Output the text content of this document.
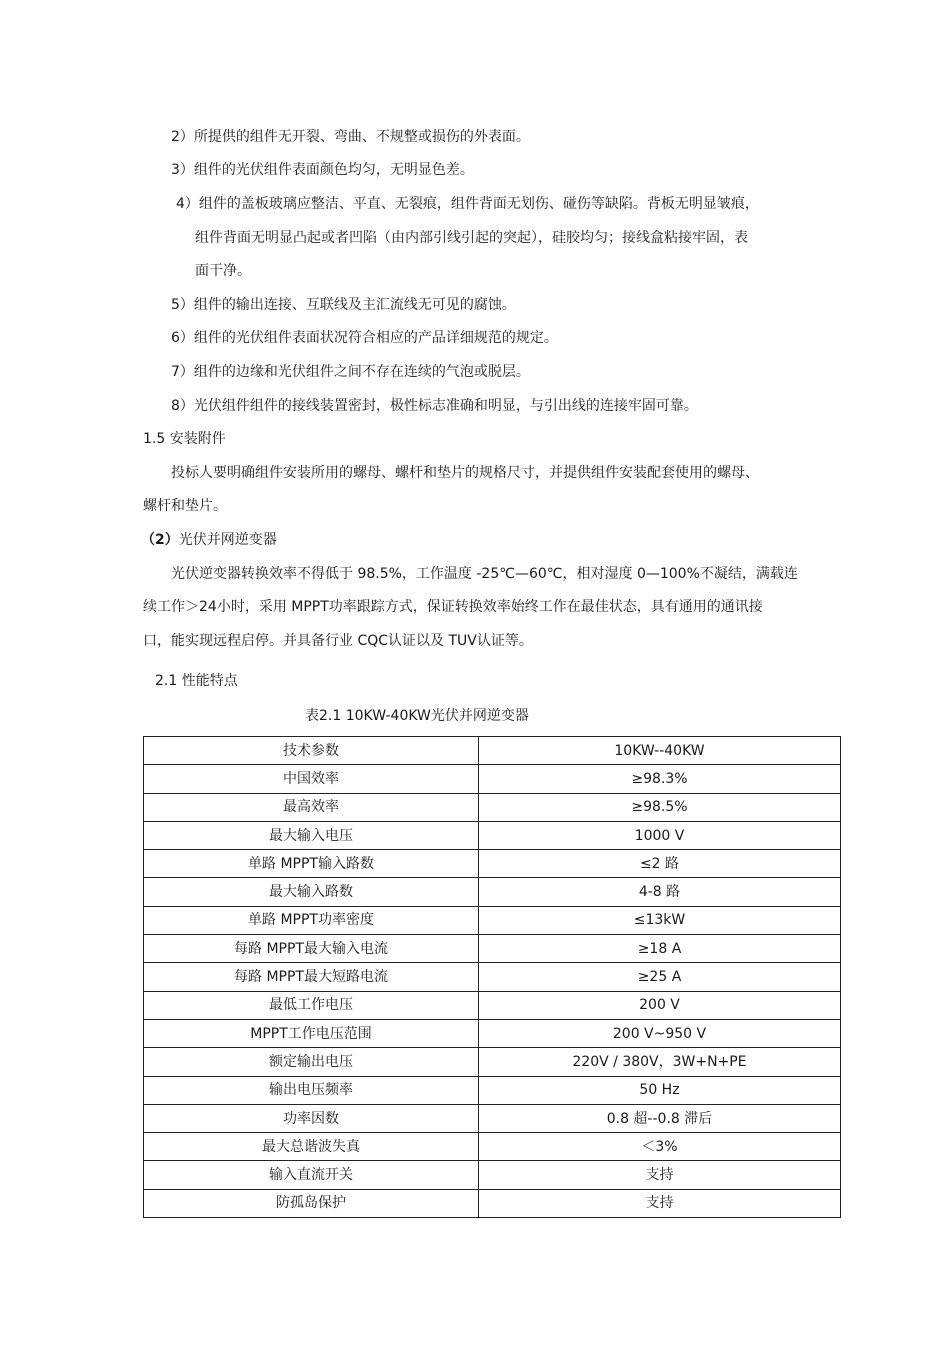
2）所提供的组件无开裂、弯曲、不规整或损伤的外表面。
3）组件的光伏组件表面颜色均匀，无明显色差。
4）组件的盖板玻璃应整洁、平直、无裂痕，组件背面无划伤、碰伤等缺陷。背板无明显皱痕，
组件背面无明显凸起或者凹陷（由内部引线引起的突起），硅胶均匀；接线盒粘接牢固，表
面干净。
5）组件的输出连接、互联线及主汇流线无可见的腐蚀。
6）组件的光伏组件表面状况符合相应的产品详细规范的规定。
7）组件的边缘和光伏组件之间不存在连续的气泡或脱层。
8）光伏组件组件的接线装置密封，极性标志准确和明显，与引出线的连接牢固可靠。
1.5 安装附件
投标人要明确组件安装所用的螺母、螺杆和垫片的规格尺寸，并提供组件安装配套使用的螺母、
螺杆和垫片。
（2）光伏并网逆变器
光伏逆变器转换效率不得低于 98.5%，工作温度 -25℃—60℃，相对湿度 0—100%不凝结，满载连
续工作＞24小时，采用 MPPT功率跟踪方式，保证转换效率始终工作在最佳状态，具有通用的通讯接
口，能实现远程启停。并具备行业 CQC认证以及 TUV认证等。
2.1 性能特点
表2.1 10KW-40KW光伏并网逆变器
技术参数	10KW--40KW
中国效率	≥98.3%
最高效率	≥98.5%
最大输入电压	1000 V
单路 MPPT输入路数	≤2 路
最大输入路数	4-8 路
单路 MPPT功率密度	≤13kW
每路 MPPT最大输入电流	≥18 A
每路 MPPT最大短路电流	≥25 A
最低工作电压	200 V
MPPT工作电压范围	200 V~950 V
额定输出电压	220V / 380V，3W+N+PE
输出电压频率	50 Hz
功率因数	0.8 超--0.8 滞后
最大总谐波失真	＜3%
输入直流开关	支持
防孤岛保护	支持
